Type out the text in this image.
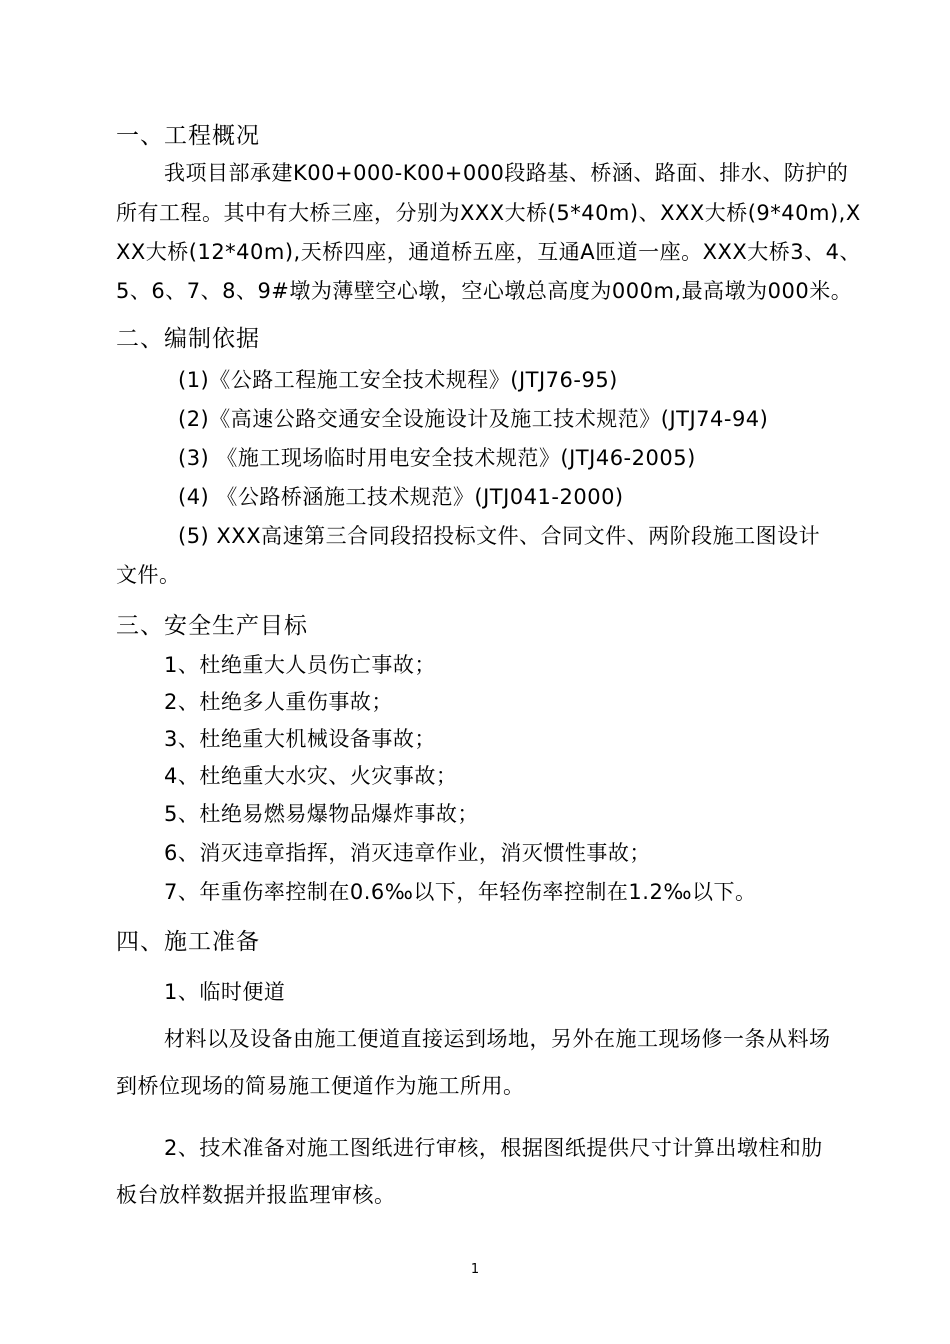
一、工程概况
我项目部承建K00+000-K00+000段路基、桥涵、路面、排水、防护的
所有工程。其中有大桥三座，分别为XXX大桥(5*40m)、XXX大桥(9*40m),X
XX大桥(12*40m),天桥四座，通道桥五座，互通A匝道一座。XXX大桥3、4、
5、6、7、8、9#墩为薄壁空心墩，空心墩总高度为000m,最高墩为000米。
二、编制依据
(1)《公路工程施工安全技术规程》(JTJ76-95)
(2)《高速公路交通安全设施设计及施工技术规范》(JTJ74-94)
(3) 《施工现场临时用电安全技术规范》(JTJ46-2005)
(4) 《公路桥涵施工技术规范》(JTJ041-2000)
(5) XXX高速第三合同段招投标文件、合同文件、两阶段施工图设计
文件。
三、安全生产目标
1、杜绝重大人员伤亡事故；
2、杜绝多人重伤事故；
3、杜绝重大机械设备事故；
4、杜绝重大水灾、火灾事故；
5、杜绝易燃易爆物品爆炸事故；
6、消灭违章指挥，消灭违章作业，消灭惯性事故；
7、年重伤率控制在0.6‰以下，年轻伤率控制在1.2‰以下。
四、施工准备
1、临时便道
材料以及设备由施工便道直接运到场地，另外在施工现场修一条从料场
到桥位现场的简易施工便道作为施工所用。
2、技术准备对施工图纸进行审核，根据图纸提供尺寸计算出墩柱和肋
板台放样数据并报监理审核。
1
